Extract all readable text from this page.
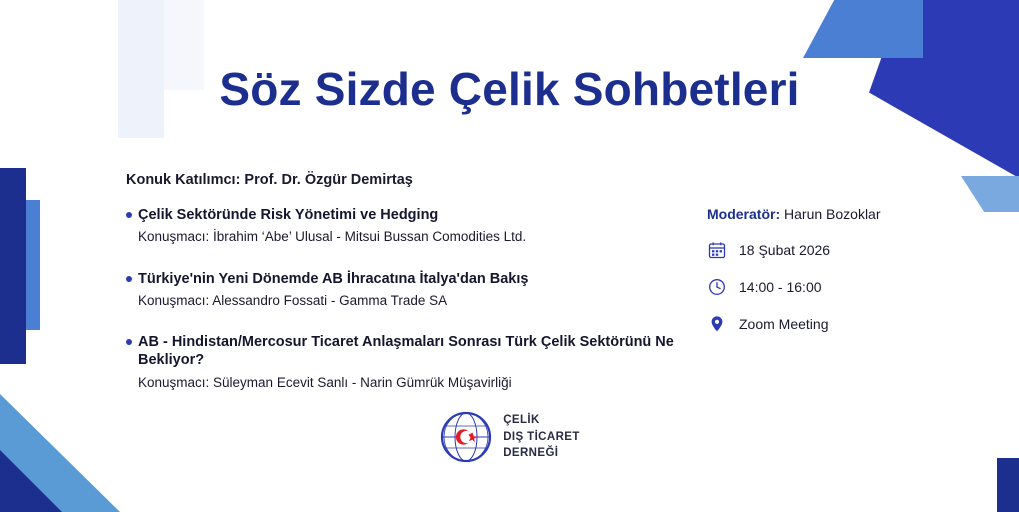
Söz Sizde Çelik Sohbetleri
Konuk Katılımcı: Prof. Dr. Özgür Demirtaş
Çelik Sektöründe Risk Yönetimi ve Hedging
Konuşmacı: İbrahim ‘Abe’ Ulusal - Mitsui Bussan Comodities Ltd.
Türkiye'nin Yeni Dönemde AB İhracatına İtalya'dan Bakış
Konuşmacı: Alessandro Fossati - Gamma Trade SA
AB - Hindistan/Mercosur Ticaret Anlaşmaları Sonrası Türk Çelik Sektörünü Ne Bekliyor?
Konuşmacı: Süleyman Ecevit Sanlı - Narin Gümrük Müşavirliği
Moderatör: Harun Bozoklar
18 Şubat 2026
14:00 - 16:00
Zoom Meeting
ÇELİK
DIŞ TİCARET
DERNEĞİ
